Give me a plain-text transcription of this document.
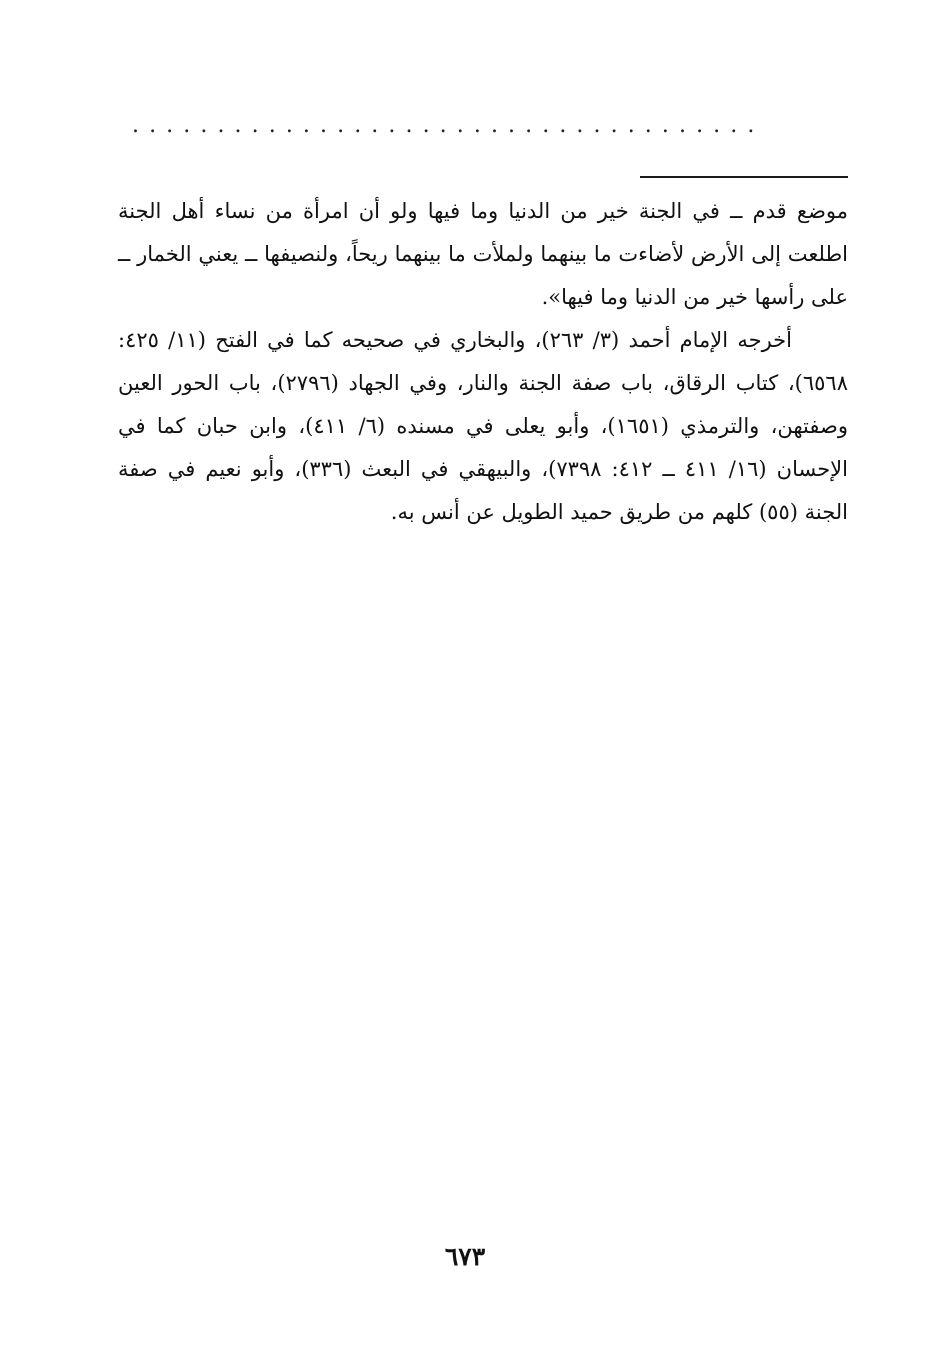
.....................................

موضع قدم ــ في الجنة خير من الدنيا وما فيها ولو أن امرأة من نساء أهل الجنة اطلعت إلى الأرض لأضاءت ما بينهما ولملأت ما بينهما ريحاً، ولنصيفها ــ يعني الخمار ــ على رأسها خير من الدنيا وما فيها».

أخرجه الإمام أحمد (٣/ ٢٦٣)، والبخاري في صحيحه كما في الفتح (١١/ ٤٢٥: ٦٥٦٨)، كتاب الرقاق، باب صفة الجنة والنار، وفي الجهاد (٢٧٩٦)، باب الحور العين وصفتهن، والترمذي (١٦٥١)، وأبو يعلى في مسنده (٦/ ٤١١)، وابن حبان كما في الإحسان (١٦/ ٤١١ ــ ٤١٢: ٧٣٩٨)، والبيهقي في البعث (٣٣٦)، وأبو نعيم في صفة الجنة (٥٥) كلهم من طريق حميد الطويل عن أنس به.

٦٧٣
